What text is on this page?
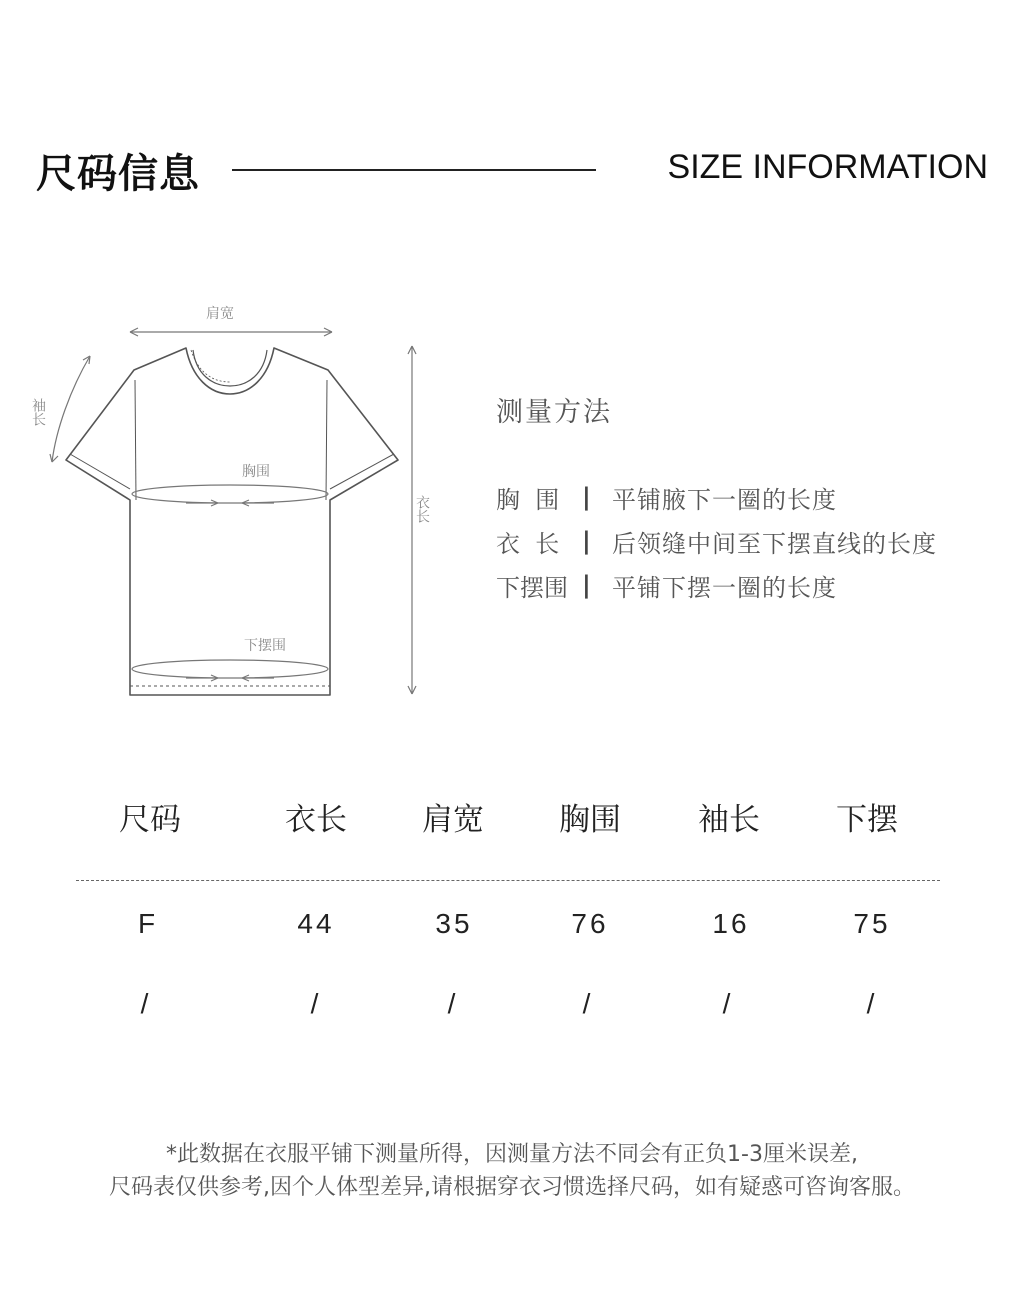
尺码信息	SIZE INFORMATION
肩宽
袖长
胸围
衣长
下摆围
测量方法
胸  围 | 平铺腋下一圈的长度
衣  长 | 后领缝中间至下摆直线的长度
下摆围 | 平铺下摆一圈的长度
尺码	衣长 肩宽 胸围 袖长 下摆
F	44	35	76	16	75
/	/	/	/	/	/
*此数据在衣服平铺下测量所得，因测量方法不同会有正负1-3厘米误差,
尺码表仅供参考,因个人体型差异,请根据穿衣习惯选择尺码，如有疑惑可咨询客服。
